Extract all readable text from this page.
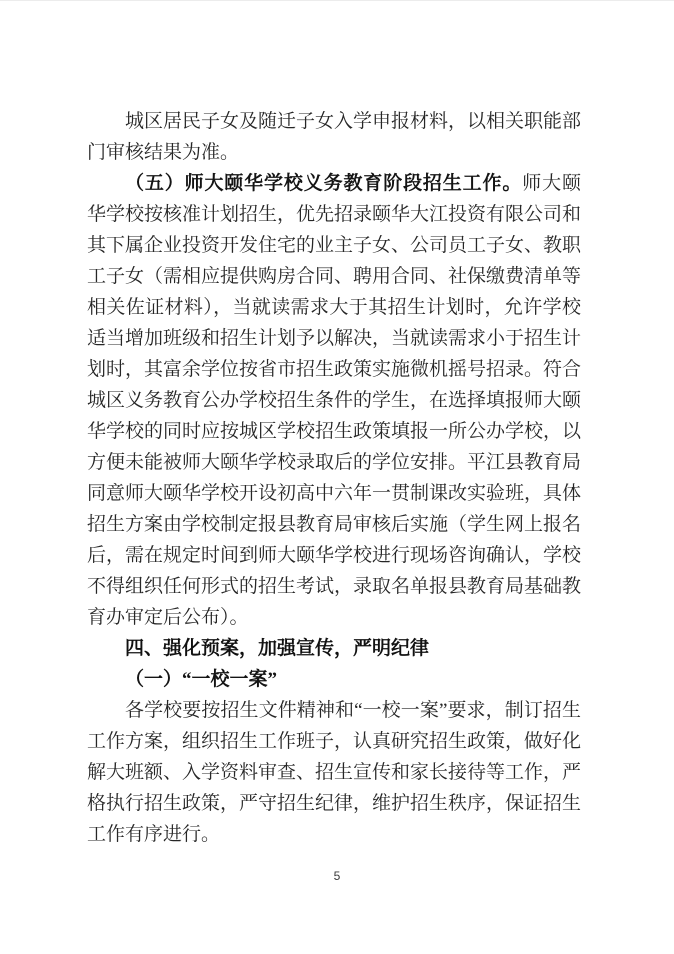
城区居民子女及随迁子女入学申报材料，以相关职能部门审核结果为准。

（五）师大颐华学校义务教育阶段招生工作。师大颐华学校按核准计划招生，优先招录颐华大江投资有限公司和其下属企业投资开发住宅的业主子女、公司员工子女、教职工子女（需相应提供购房合同、聘用合同、社保缴费清单等相关佐证材料），当就读需求大于其招生计划时，允许学校适当增加班级和招生计划予以解决，当就读需求小于招生计划时，其富余学位按省市招生政策实施微机摇号招录。符合城区义务教育公办学校招生条件的学生，在选择填报师大颐华学校的同时应按城区学校招生政策填报一所公办学校，以方便未能被师大颐华学校录取后的学位安排。平江县教育局同意师大颐华学校开设初高中六年一贯制课改实验班，具体招生方案由学校制定报县教育局审核后实施（学生网上报名后，需在规定时间到师大颐华学校进行现场咨询确认，学校不得组织任何形式的招生考试，录取名单报县教育局基础教育办审定后公布）。

四、强化预案，加强宣传，严明纪律

（一）“一校一案”

各学校要按招生文件精神和“一校一案”要求，制订招生工作方案，组织招生工作班子，认真研究招生政策，做好化解大班额、入学资料审查、招生宣传和家长接待等工作，严格执行招生政策，严守招生纪律，维护招生秩序，保证招生工作有序进行。

5
